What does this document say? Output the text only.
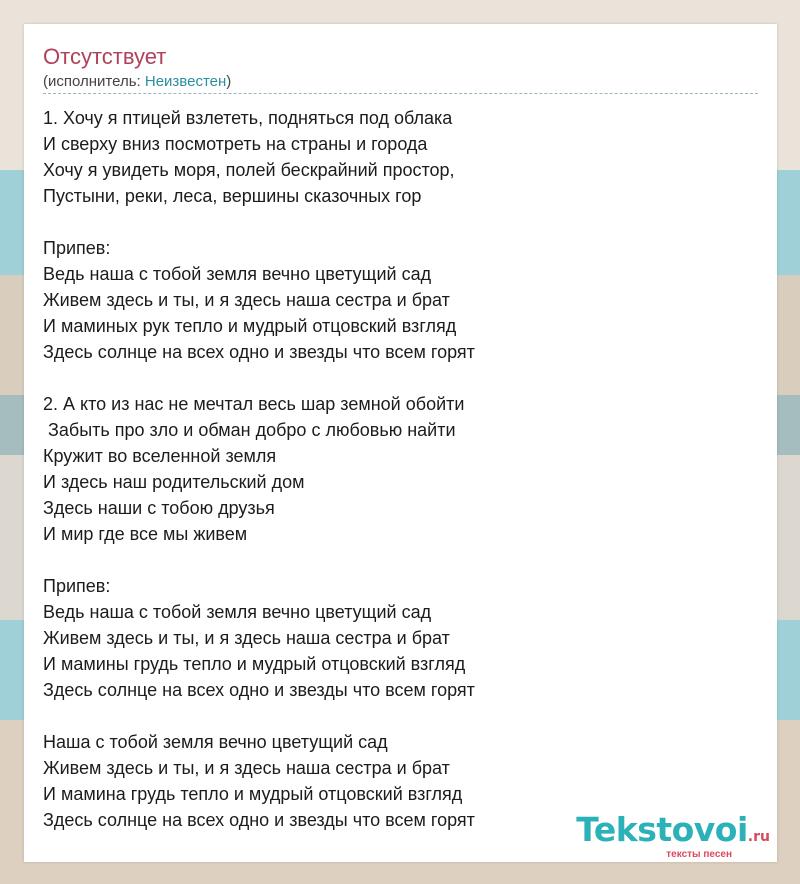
Отсутствует
(исполнитель: Неизвестен)
1. Хочу я птицей взлететь, подняться под облака
И сверху вниз посмотреть на страны и города
Хочу я увидеть моря, полей бескрайний простор,
Пустыни, реки, леса, вершины сказочных гор
Припев:
Ведь наша с тобой земля вечно цветущий сад
Живем здесь и ты, и я здесь наша сестра и брат
И маминых рук тепло и мудрый отцовский взгляд
Здесь солнце на всех одно и звезды что всем горят
2. А кто из нас не мечтал весь шар земной обойти
Забыть про зло и обман добро с любовью найти
Кружит во вселенной земля
И здесь наш родительский дом
Здесь наши с тобою друзья
И мир где все мы живем
Припев:
Ведь наша с тобой земля вечно цветущий сад
Живем здесь и ты, и я здесь наша сестра и брат
И мамины грудь тепло и мудрый отцовский взгляд
Здесь солнце на всех одно и звезды что всем горят
Наша с тобой земля вечно цветущий сад
Живем здесь и ты, и я здесь наша сестра и брат
И мамина грудь тепло и мудрый отцовский взгляд
Здесь солнце на всех одно и звезды что всем горят	Tekstovoi.ru
тексты песен
